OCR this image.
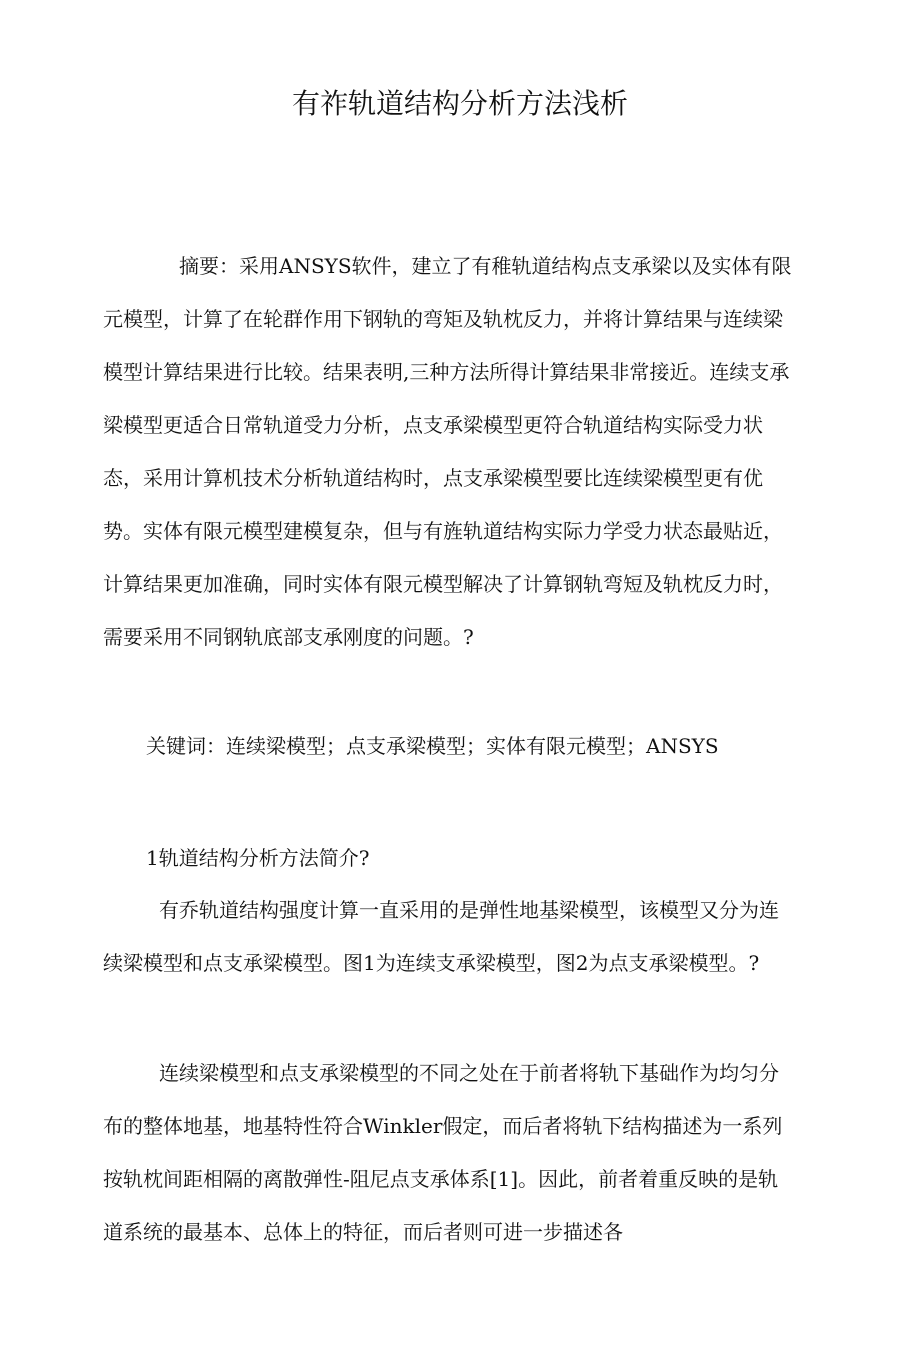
有祚轨道结构分析方法浅析

摘要：采用ANSYS软件，建立了有稚轨道结构点支承梁以及实体有限元模型，计算了在轮群作用下钢轨的弯矩及轨枕反力，并将计算结果与连续梁模型计算结果进行比较。结果表明,三种方法所得计算结果非常接近。连续支承梁模型更适合日常轨道受力分析，点支承梁模型更符合轨道结构实际受力状态，采用计算机技术分析轨道结构时，点支承梁模型要比连续梁模型更有优势。实体有限元模型建模复杂，但与有旌轨道结构实际力学受力状态最贴近，计算结果更加准确，同时实体有限元模型解决了计算钢轨弯短及轨枕反力时，需要采用不同钢轨底部支承刚度的问题。?

关键词：连续梁模型；点支承梁模型；实体有限元模型；ANSYS

1轨道结构分析方法简介?

有乔轨道结构强度计算一直采用的是弹性地基梁模型，该模型又分为连续梁模型和点支承梁模型。图1为连续支承梁模型，图2为点支承梁模型。?

连续梁模型和点支承梁模型的不同之处在于前者将轨下基础作为均匀分布的整体地基，地基特性符合Winkler假定，而后者将轨下结构描述为一系列按轨枕间距相隔的离散弹性-阻尼点支承体系[1]。因此，前者着重反映的是轨道系统的最基本、总体上的特征，而后者则可进一步描述各
